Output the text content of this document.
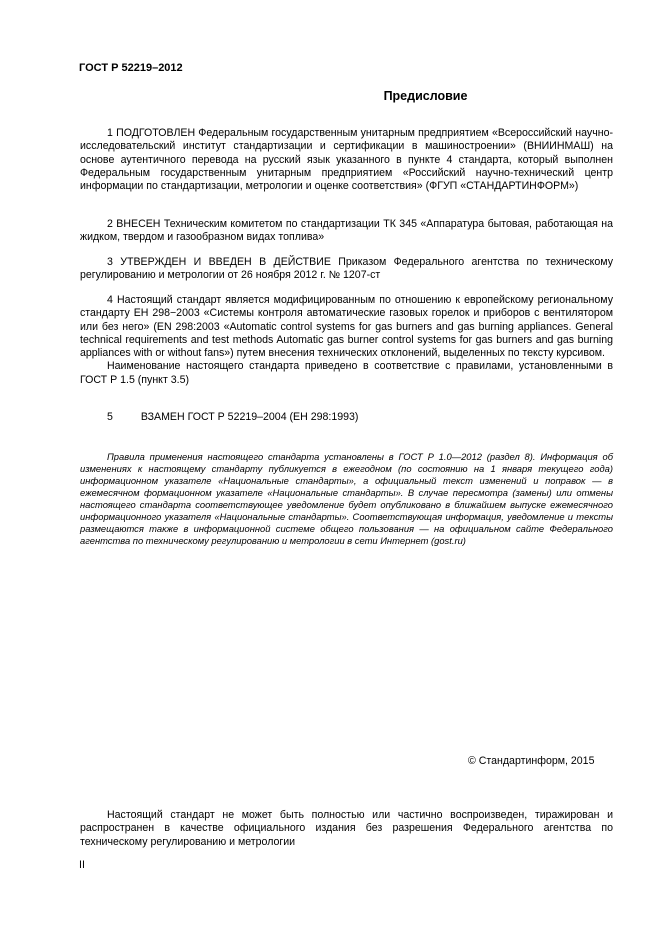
ГОСТ Р 52219–2012
Предисловие

1 ПОДГОТОВЛЕН Федеральным государственным унитарным предприятием «Всероссийский научно-исследовательский институт стандартизации и сертификации в машиностроении» (ВНИИНМАШ) на основе аутентичного перевода на русский язык указанного в пункте 4 стандарта, который выполнен Федеральным государственным унитарным предприятием «Российский научно-технический центр информации по стандартизации, метрологии и оценке соответствия» (ФГУП «СТАНДАРТИНФОРМ»)

2 ВНЕСЕН Техническим комитетом по стандартизации ТК 345 «Аппаратура бытовая, работающая на жидком, твердом и газообразном видах топлива»

3 УТВЕРЖДЕН И ВВЕДЕН В ДЕЙСТВИЕ Приказом Федерального агентства по техническому регулированию и метрологии от 26 ноября 2012 г. № 1207-ст

4 Настоящий стандарт является модифицированным по отношению к европейскому региональному стандарту ЕН 298−2003 «Системы контроля автоматические газовых горелок и приборов с вентилятором или без него» (EN 298:2003 «Automatic control systems for gas burners and gas burning appliances. General technical requirements and test methods Automatic gas burner control systems for gas burners and gas burning appliances with or without fans») путем внесения технических отклонений, выделенных по тексту курсивом.

Наименование настоящего стандарта приведено в соответствие с правилами, установленными в ГОСТ Р 1.5 (пункт 3.5)

5	ВЗАМЕН ГОСТ Р 52219–2004 (ЕН 298:1993)
Правила применения настоящего стандарта установлены в ГОСТ Р 1.0—2012 (раздел 8). Информация об изменениях к настоящему стандарту публикуется в ежегодном (по состоянию на 1 января текущего года) информационном указателе «Национальные стандарты», а официальный текст изменений и поправок — в ежемесячном формационном указателе «Национальные стандарты». В случае пересмотра (замены) или отмены настоящего стандарта соответствующее уведомление будет опубликовано в ближайшем выпуске ежемесячного информационного указателя «Национальные стандарты». Соответствующая информация, уведомление и тексты размещаются также в информационной системе общего пользования — на официальном сайте Федерального агентства по техническому регулированию и метрологии в сети Интернет (gost.ru)
© Стандартинформ, 2015
Настоящий стандарт не может быть полностью или частично воспроизведен, тиражирован и распространен в качестве официального издания без разрешения Федерального агентства по техническому регулированию и метрологии
II
